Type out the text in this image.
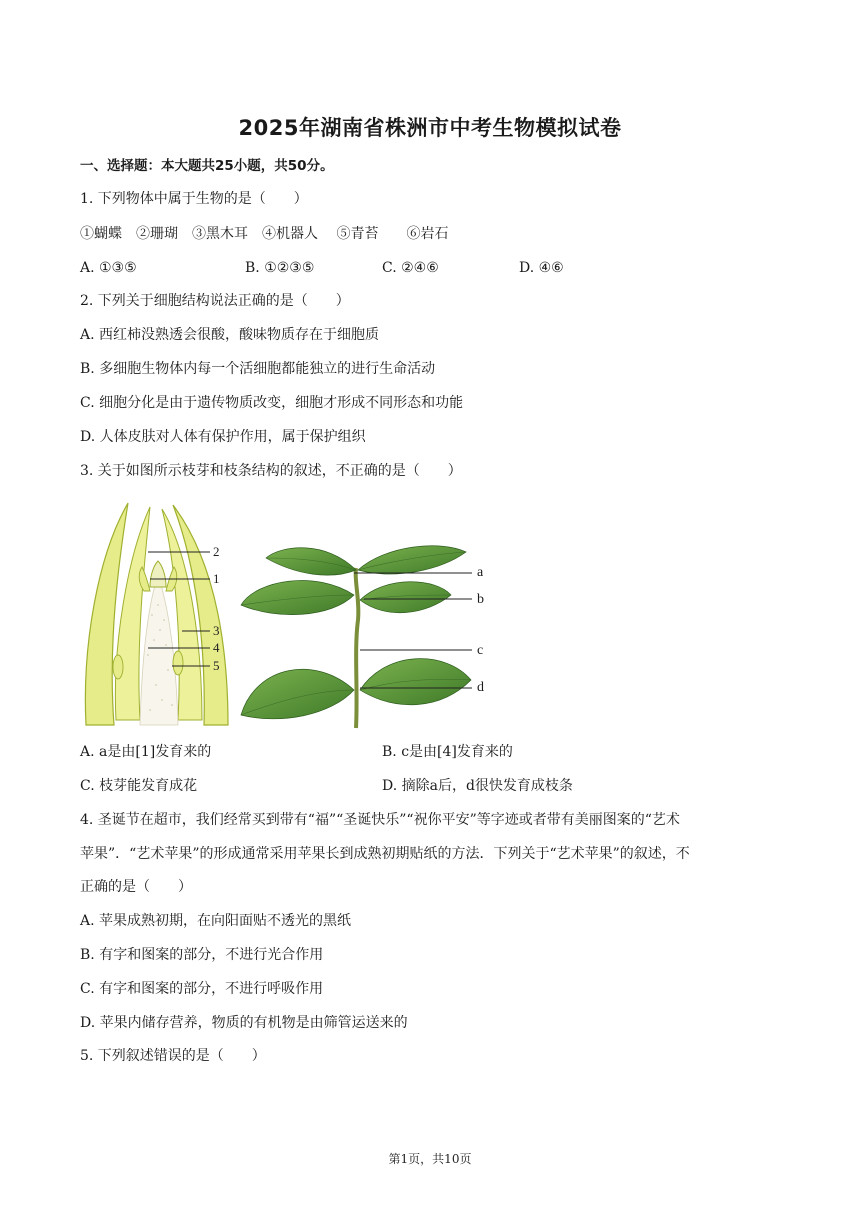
2025年湖南省株洲市中考生物模拟试卷
一、选择题：本大题共25小题，共50分。
1. 下列物体中属于生物的是（　　）
①蝴蝶　②珊瑚　③黑木耳　④机器人　 ⑤青苔　　⑥岩石
A. ①③⑤	B. ①②③⑤	C. ②④⑥	D. ④⑥
2. 下列关于细胞结构说法正确的是（　　）
A. 西红柿没熟透会很酸，酸味物质存在于细胞质
B. 多细胞生物体内每一个活细胞都能独立的进行生命活动
C. 细胞分化是由于遗传物质改变，细胞才形成不同形态和功能
D. 人体皮肤对人体有保护作用，属于保护组织
3. 关于如图所示枝芽和枝条结构的叙述，不正确的是（　　）
2
1
3
4
5
a
b
c
d
A. a是由[1]发育来的	B. c是由[4]发育来的
C. 枝芽能发育成花	D. 摘除a后，d很快发育成枝条
4. 圣诞节在超市，我们经常买到带有“福”“圣诞快乐”“祝你平安”等字迹或者带有美丽图案的“艺术
苹果”．“艺术苹果”的形成通常采用苹果长到成熟初期贴纸的方法．下列关于“艺术苹果”的叙述，不
正确的是（　　）
A. 苹果成熟初期，在向阳面贴不透光的黑纸
B. 有字和图案的部分，不进行光合作用
C. 有字和图案的部分，不进行呼吸作用
D. 苹果内储存营养，物质的有机物是由筛管运送来的
5. 下列叙述错误的是（　　）
第1页，共10页
